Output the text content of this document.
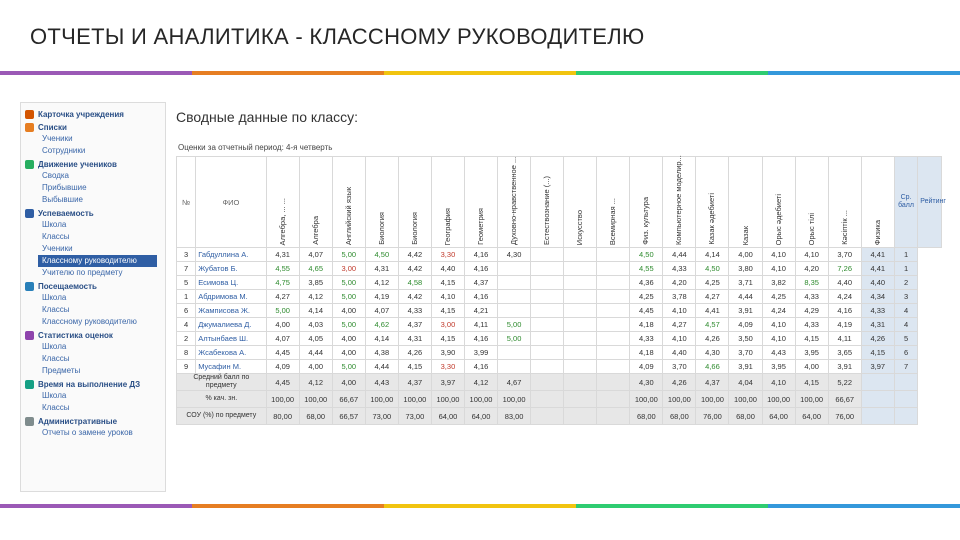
ОТЧЕТЫ И АНАЛИТИКА - КЛАССНОМУ РУКОВОДИТЕЛЮ
Карточка учреждения
Списки
Ученики
Сотрудники
Движение учеников
Сводка
Прибывшие
Выбывшие
Успеваемость
Школа
Классы
Ученики
Классному руководителю
Учителю по предмету
Посещаемость
Школа
Классы
Классному руководителю
Статистика оценок
Школа
Классы
Предметы
Время на выполнение ДЗ
Школа
Классы
Административные
Отчеты о замене уроков
Сводные данные по классу:
Оценки за отчетный период: 4-я четверть
№	ФИО	Алгебра, ... ...	Алгебра	Английский язык	Биология	Биология	География	Геометрия	Духовно-нравственное ...	Естествознание (...)	Искусство	Всемирная ...	Физ. культура	Компьютерное моделир...	Казак әдебиеті	Казак	Орыс әдебиеті	Орыс тілі	Кәсіптік ...	Физика	Ср. балл	Рейтинг
3	Габдуллина А.	4,31	4,07	5,00	4,50	4,42	3,30	4,16	4,30				4,50	4,44	4,14	4,00	4,10	4,10	3,70	4,41	1	
7	Жубатов Б.	4,55	4,65	3,00	4,31	4,42	4,40	4,16					4,55	4,33	4,50	3,80	4,10	4,20	7,26	4,41	1	
5	Есимова Ц.	4,75	3,85	5,00	4,12	4,58	4,15	4,37					4,36	4,20	4,25	3,71	3,82	8,35	4,40	4,40	2	
1	Абдримова М.	4,27	4,12	5,00	4,19	4,42	4,10	4,16					4,25	3,78	4,27	4,44	4,25	4,33	4,24	4,34	3	
6	Жамписова Ж.	5,00	4,14	4,00	4,07	4,33	4,15	4,21					4,45	4,10	4,41	3,91	4,24	4,29	4,16	4,33	4	
4	Джумалиева Д.	4,00	4,03	5,00	4,62	4,37	3,00	4,11	5,00				4,18	4,27	4,57	4,09	4,10	4,33	4,19	4,31	4	
2	Алтынбаев Ш.	4,07	4,05	4,00	4,14	4,31	4,15	4,16	5,00				4,33	4,10	4,26	3,50	4,10	4,15	4,11	4,26	5	
8	Жсабекова А.	4,45	4,44	4,00	4,38	4,26	3,90	3,99					4,18	4,40	4,30	3,70	4,43	3,95	3,65	4,15	6	
9	Мусафин М.	4,09	4,00	5,00	4,44	4,15	3,30	4,16					4,09	3,70	4,66	3,91	3,95	4,00	3,91	3,97	7	
Средний балл по предмету		4,45	4,12	4,00	4,43	4,37	3,97	4,12	4,67				4,30	4,26	4,37	4,04	4,10	4,15	5,22			
% кач. зн.		100,00	100,00	66,67	100,00	100,00	100,00	100,00	100,00				100,00	100,00	100,00	100,00	100,00	100,00	66,67			
СОУ (%) по предмету		80,00	68,00	66,57	73,00	73,00	64,00	64,00	83,00				68,00	68,00	76,00	68,00	64,00	64,00	76,00			
